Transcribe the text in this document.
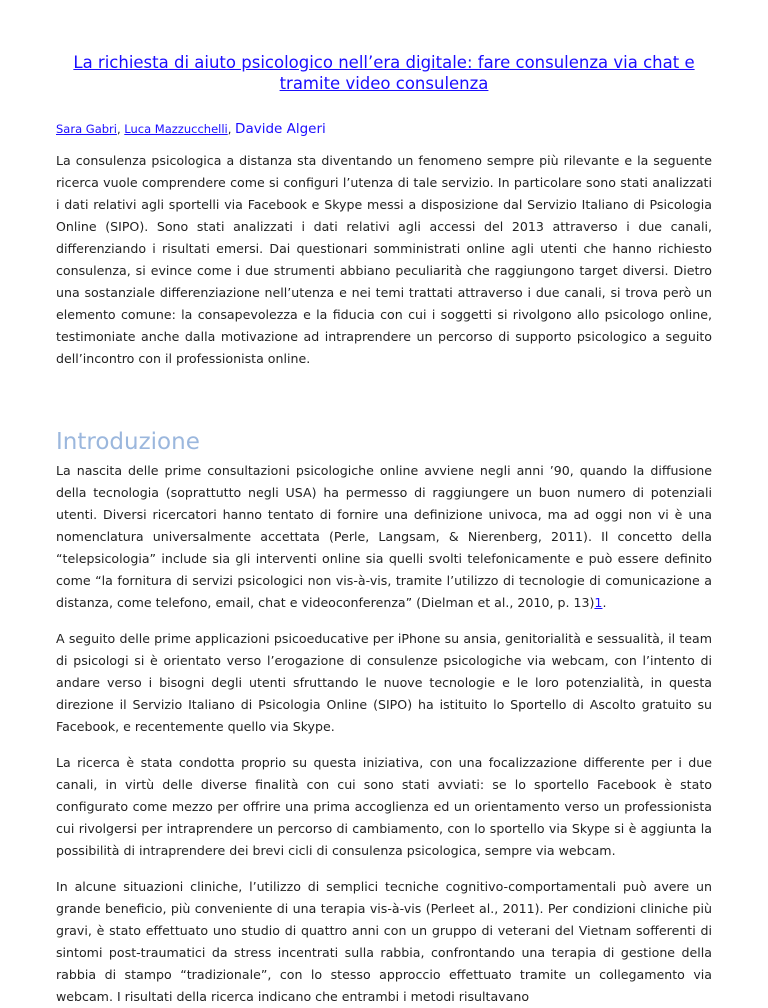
La richiesta di aiuto psicologico nell’era digitale: fare consulenza via chat e tramite video consulenza
Sara Gabri, Luca Mazzucchelli, Davide Algeri

La consulenza psicologica a distanza sta diventando un fenomeno sempre più rilevante e la seguente ricerca vuole comprendere come si configuri l’utenza di tale servizio. In particolare sono stati analizzati i dati relativi agli sportelli via Facebook e Skype messi a disposizione dal Servizio Italiano di Psicologia Online (SIPO). Sono stati analizzati i dati relativi agli accessi del 2013 attraverso i due canali, differenziando i risultati emersi. Dai questionari somministrati online agli utenti che hanno richiesto consulenza, si evince come i due strumenti abbiano peculiarità che raggiungono target diversi. Dietro una sostanziale differenziazione nell’utenza e nei temi trattati attraverso i due canali, si trova però un elemento comune: la consapevolezza e la fiducia con cui i soggetti si rivolgono allo psicologo online, testimoniate anche dalla motivazione ad intraprendere un percorso di supporto psicologico a seguito dell’incontro con il professionista online.

Introduzione

La nascita delle prime consultazioni psicologiche online avviene negli anni ’90, quando la diffusione della tecnologia (soprattutto negli USA) ha permesso di raggiungere un buon numero di potenziali utenti. Diversi ricercatori hanno tentato di fornire una definizione univoca, ma ad oggi non vi è una nomenclatura universalmente accettata (Perle, Langsam, & Nierenberg, 2011). Il concetto della “telepsicologia” include sia gli interventi online sia quelli svolti telefonicamente e può essere definito come “la fornitura di servizi psicologici non vis-à-vis, tramite l’utilizzo di tecnologie di comunicazione a distanza, come telefono, email, chat e videoconferenza” (Dielman et al., 2010, p. 13)1.

A seguito delle prime applicazioni psicoeducative per iPhone su ansia, genitorialità e sessualità, il team di psicologi si è orientato verso l’erogazione di consulenze psicologiche via webcam, con l’intento di andare verso i bisogni degli utenti sfruttando le nuove tecnologie e le loro potenzialità, in questa direzione il Servizio Italiano di Psicologia Online (SIPO) ha istituito lo Sportello di Ascolto gratuito su Facebook, e recentemente quello via Skype.

La ricerca è stata condotta proprio su questa iniziativa, con una focalizzazione differente per i due canali, in virtù delle diverse finalità con cui sono stati avviati: se lo sportello Facebook è stato configurato come mezzo per offrire una prima accoglienza ed un orientamento verso un professionista cui rivolgersi per intraprendere un percorso di cambiamento, con lo sportello via Skype si è aggiunta la possibilità di intraprendere dei brevi cicli di consulenza psicologica, sempre via webcam.

In alcune situazioni cliniche, l’utilizzo di semplici tecniche cognitivo-comportamentali può avere un grande beneficio, più conveniente di una terapia vis-à-vis (Perleet al., 2011). Per condizioni cliniche più gravi, è stato effettuato uno studio di quattro anni con un gruppo di veterani del Vietnam sofferenti di sintomi post-traumatici da stress incentrati sulla rabbia, confrontando una terapia di gestione della rabbia di stampo “tradizionale”, con lo stesso approccio effettuato tramite un collegamento via webcam. I risultati della ricerca indicano che entrambi i metodi risultavano
